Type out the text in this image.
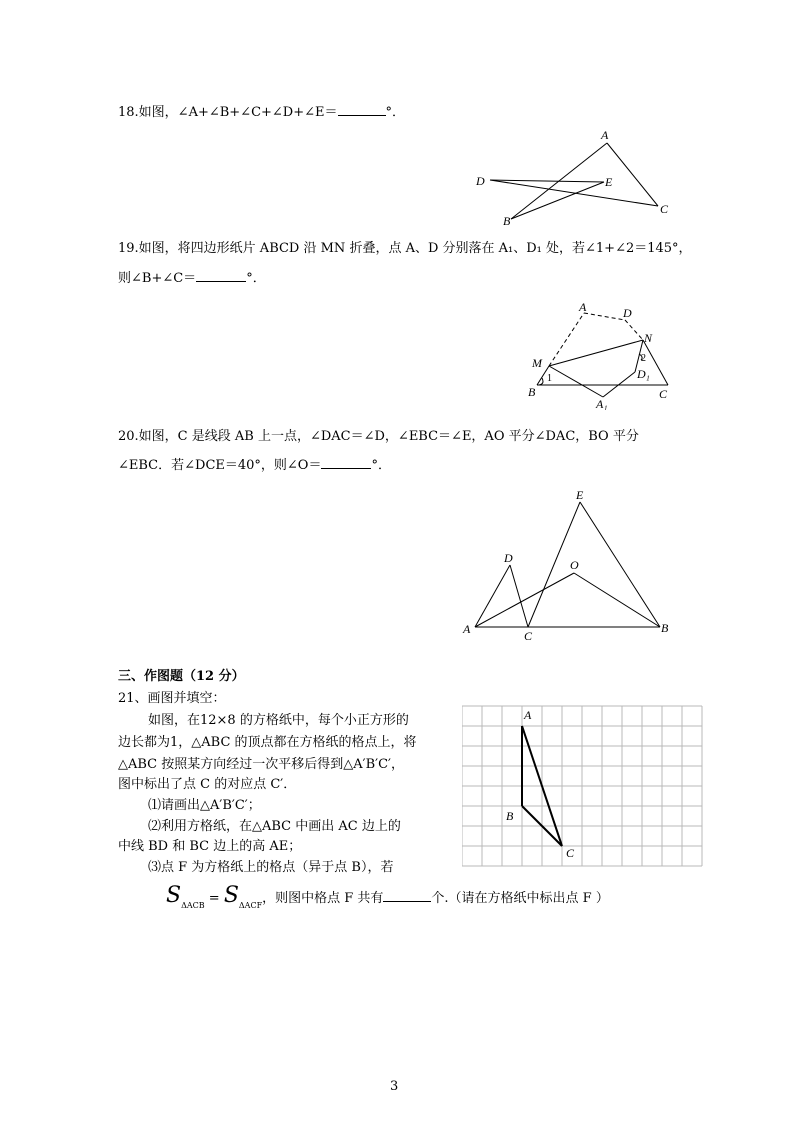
18.如图，∠A+∠B+∠C+∠D+∠E＝	°．
A
D	E
B
C
19.如图，将四边形纸片 ABCD 沿 MN 折叠，点 A、D 分别落在 A₁、D₁ 处，若∠1+∠2＝145°，
则∠B+∠C＝	°．
A	D
N
M	2
1	D₁
B	C
A₁
20.如图，C 是线段 AB 上一点，∠DAC＝∠D，∠EBC＝∠E，AO 平分∠DAC，BO 平分
∠EBC．若∠DCE＝40°，则∠O＝	°．
E
D	O
A	C
B
三、作图题（12 分）
21、画图并填空：
如图，在12×8 的方格纸中，每个小正方形的
边长都为1，△ABC 的顶点都在方格纸的格点上，将
△ABC 按照某方向经过一次平移后得到△A′B′C′，
图中标出了点 C 的对应点 C′．
⑴请画出△A′B′C′；
⑵利用方格纸，在△ABC 中画出 AC 边上的
中线 BD 和 BC 边上的高 AE；
⑶点 F 为方格纸上的格点（异于点 B），若
$S_{\Delta ACB} = S_{\Delta ACF}$，则图中格点 F 共有	个.（请在方格纸中标出点 F ）
A
B
C
3
